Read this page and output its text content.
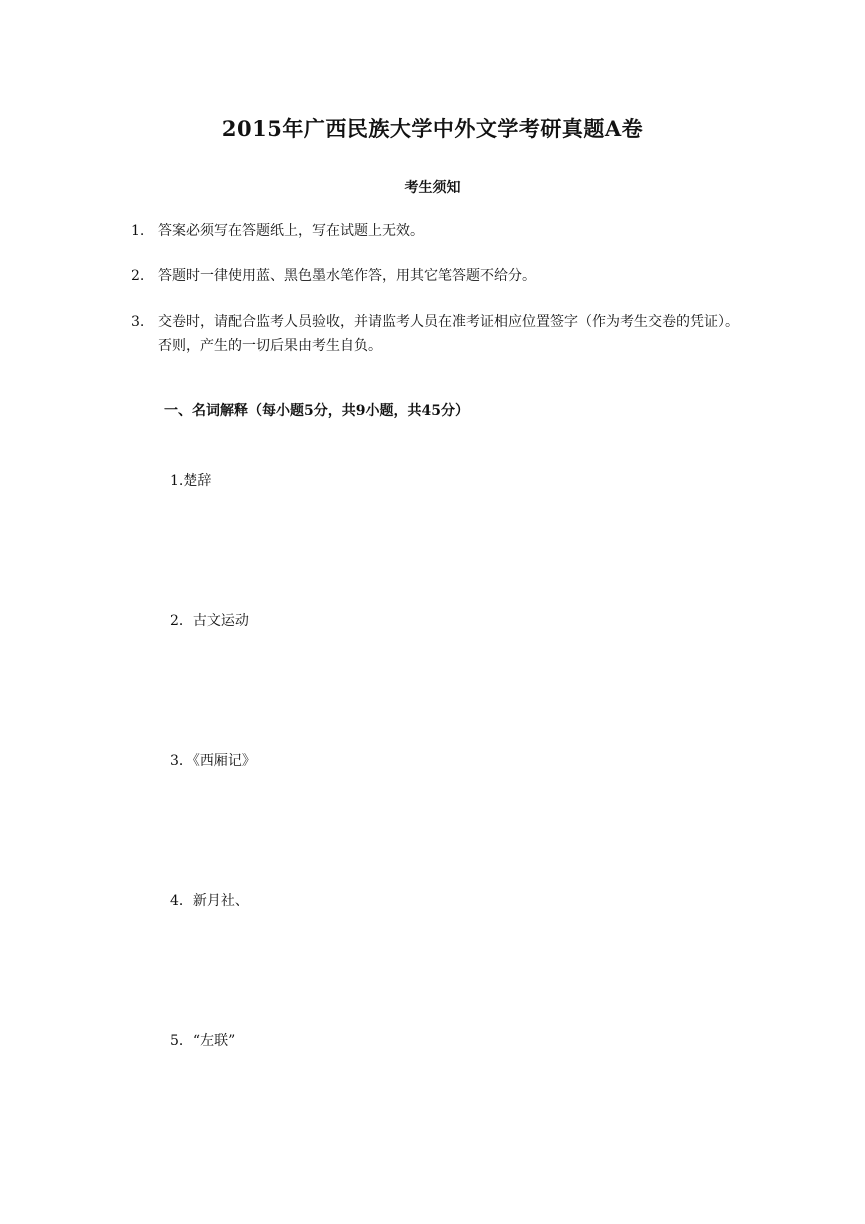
2015年广西民族大学中外文学考研真题A卷
考生须知
1. 答案必须写在答题纸上，写在试题上无效。
2. 答题时一律使用蓝、黑色墨水笔作答，用其它笔答题不给分。
3. 交卷时，请配合监考人员验收，并请监考人员在准考证相应位置签字（作为考生交卷的凭证）。否则，产生的一切后果由考生自负。
一、名词解释（每小题5分，共9小题，共45分）
1.楚辞
2．古文运动
3．《西厢记》
4．新月社、
5．“左联”
